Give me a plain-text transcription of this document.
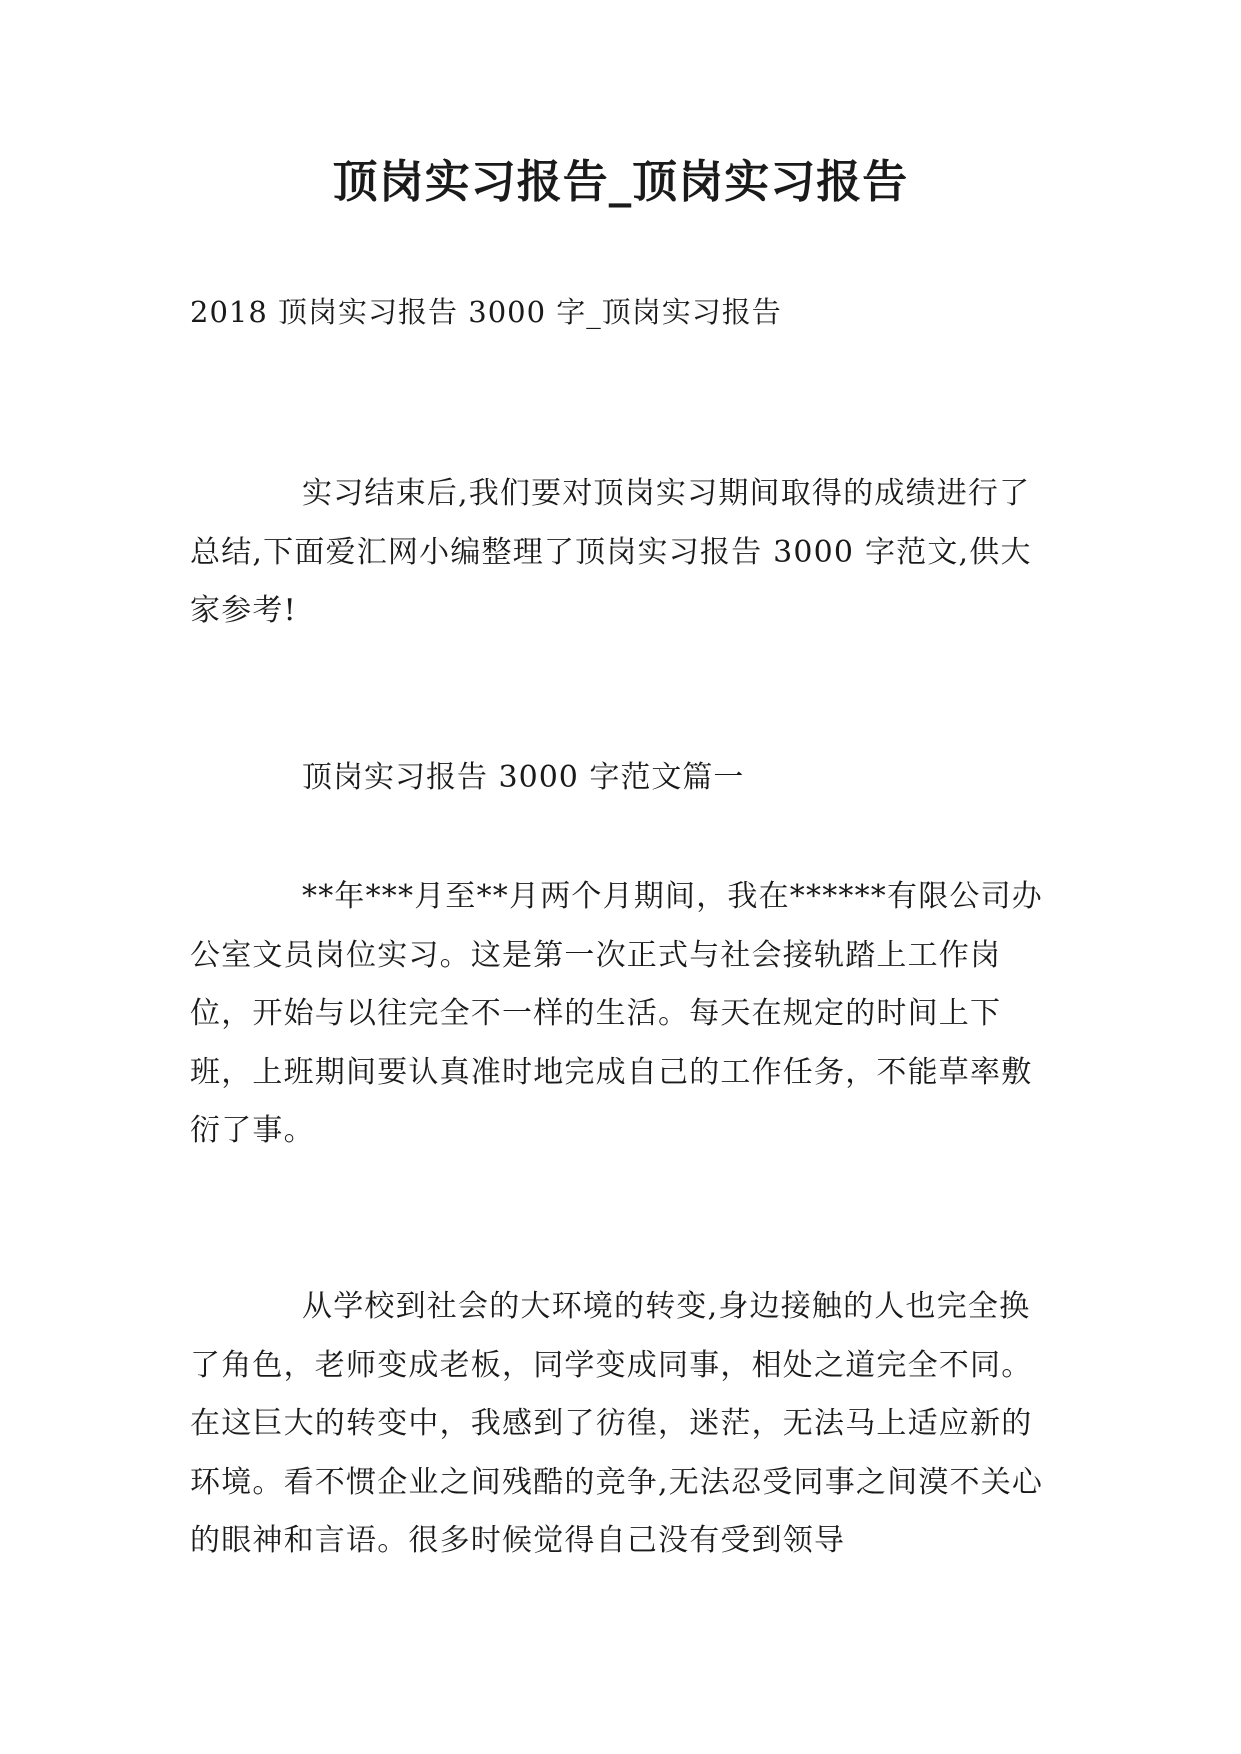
顶岗实习报告_顶岗实习报告

2018 顶岗实习报告 3000 字_顶岗实习报告

实习结束后,我们要对顶岗实习期间取得的成绩进行了总结,下面爱汇网小编整理了顶岗实习报告 3000 字范文,供大家参考!

顶岗实习报告 3000 字范文篇一

**年***月至**月两个月期间，我在******有限公司办公室文员岗位实习。这是第一次正式与社会接轨踏上工作岗位，开始与以往完全不一样的生活。每天在规定的时间上下班，上班期间要认真准时地完成自己的工作任务，不能草率敷衍了事。

从学校到社会的大环境的转变,身边接触的人也完全换了角色，老师变成老板，同学变成同事，相处之道完全不同。在这巨大的转变中，我感到了彷徨，迷茫，无法马上适应新的环境。看不惯企业之间残酷的竞争,无法忍受同事之间漠不关心的眼神和言语。很多时候觉得自己没有受到领导
